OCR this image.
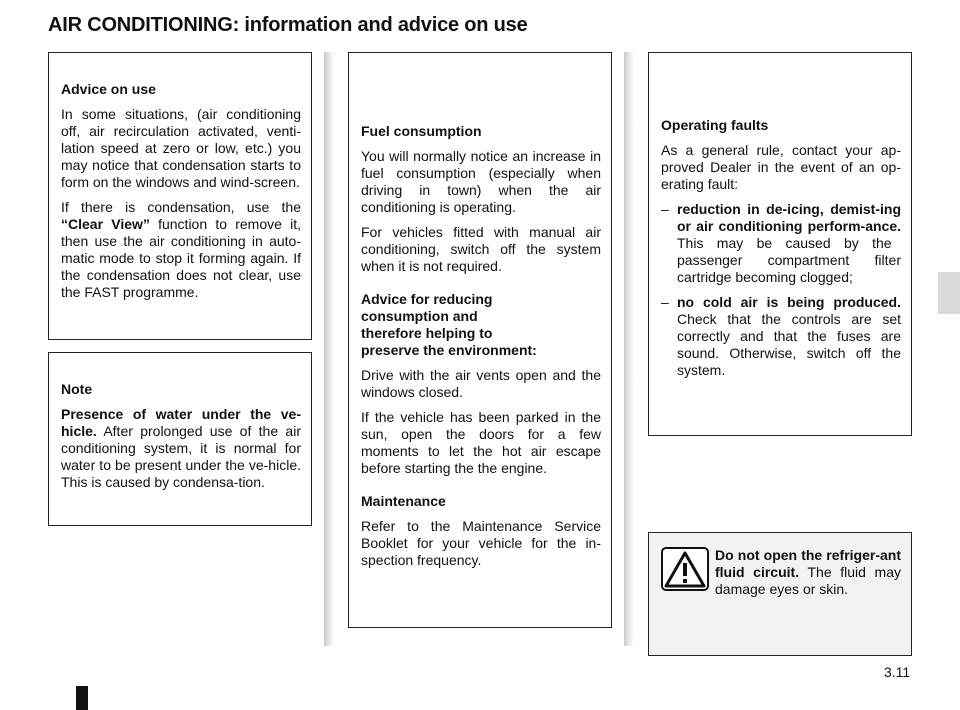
AIR CONDITIONING: information and advice on use

Advice on use

In some situations, (air conditioning off, air recirculation activated, venti-lation speed at zero or low, etc.) you may notice that condensation starts to form on the windows and wind-screen.

If there is condensation, use the “Clear View” function to remove it, then use the air conditioning in auto-matic mode to stop it forming again. If the condensation does not clear, use the FAST programme.

Note

Presence of water under the ve-hicle. After prolonged use of the air conditioning system, it is normal for water to be present under the ve-hicle. This is caused by condensa-tion.

Fuel consumption

You will normally notice an increase in fuel consumption (especially when driving in town) when the air conditioning is operating.

For vehicles fitted with manual air conditioning, switch off the system when it is not required.

Advice for reducing consumption and therefore helping to preserve the environment:

Drive with the air vents open and the windows closed.

If the vehicle has been parked in the sun, open the doors for a few moments to let the hot air escape before starting the the engine.

Maintenance

Refer to the Maintenance Service Booklet for your vehicle for the in-spection frequency.

Operating faults

As a general rule, contact your ap-proved Dealer in the event of an op-erating fault:

– reduction in de-icing, demist-ing or air conditioning perform-ance. This may be caused by the passenger compartment filter cartridge becoming clogged;
– no cold air is being produced. Check that the controls are set correctly and that the fuses are sound. Otherwise, switch off the system.
Do not open the refriger-ant fluid circuit. The fluid may damage eyes or skin.
3.11
